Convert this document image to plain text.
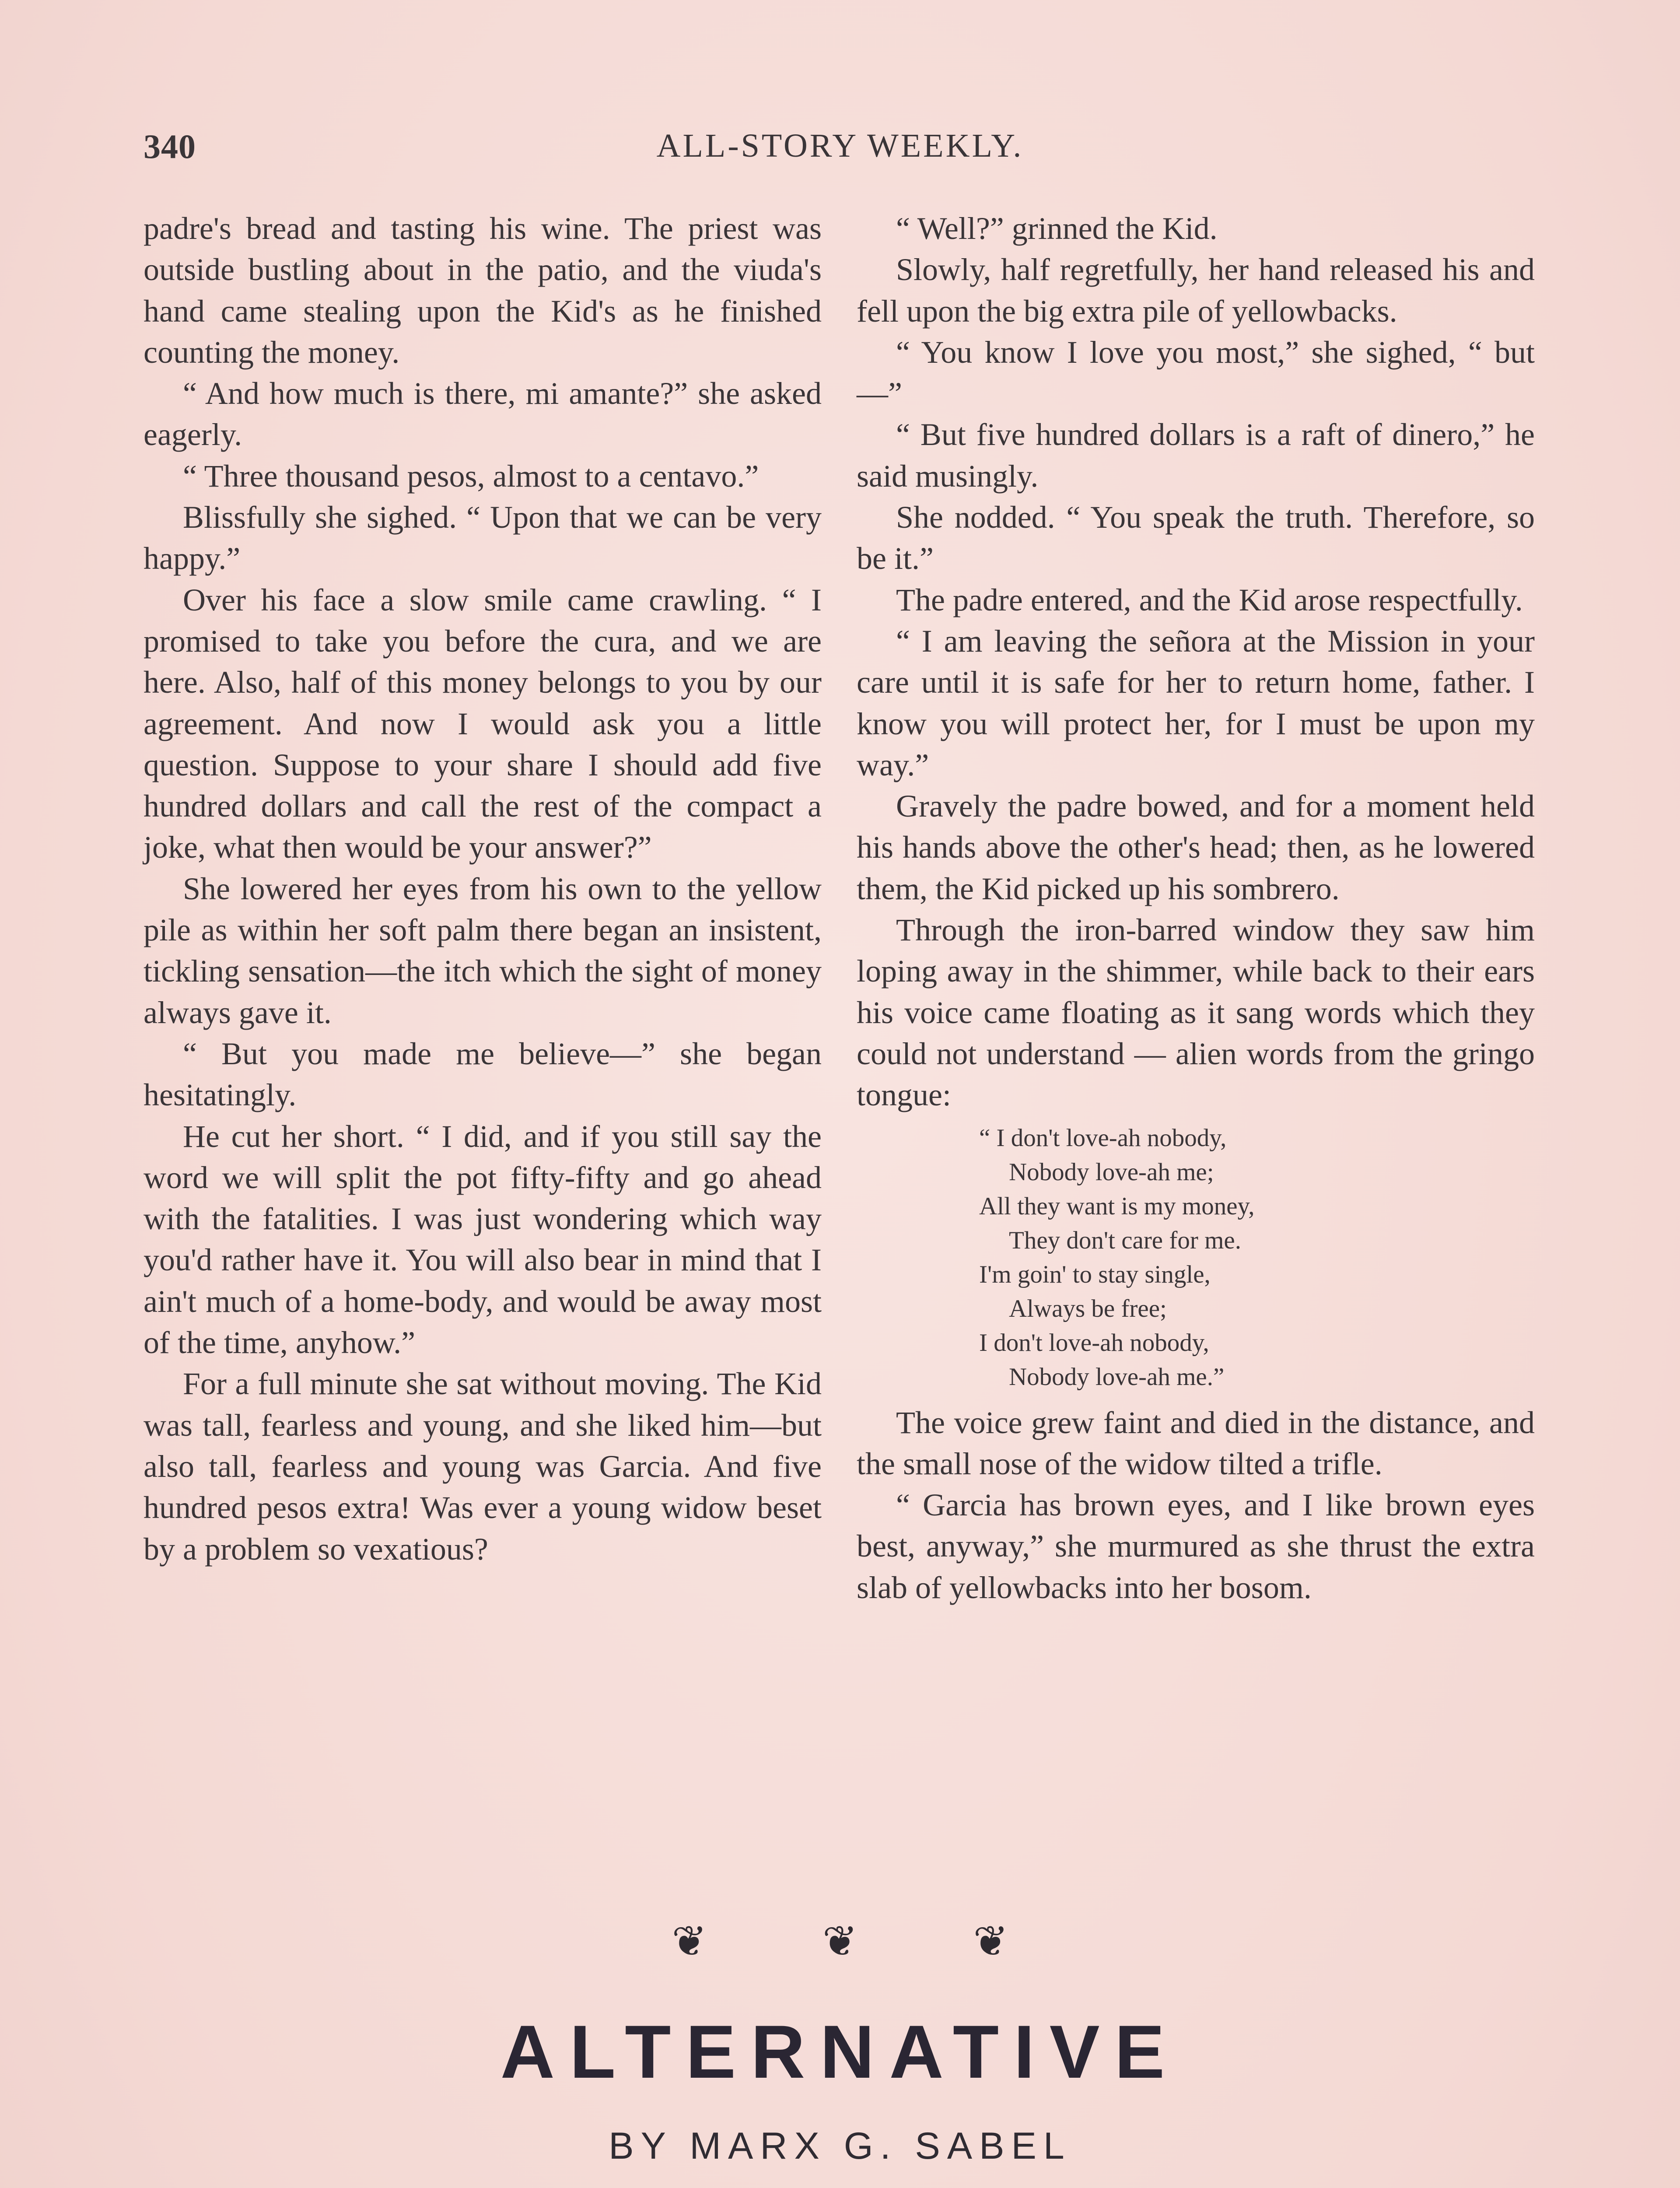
340	ALL-STORY WEEKLY.

padre's bread and tasting his wine. The priest was outside bustling about in the patio, and the viuda's hand came stealing upon the Kid's as he finished counting the money.

“ And how much is there, mi amante?” she asked eagerly.

“ Three thousand pesos, almost to a centavo.”

Blissfully she sighed. “ Upon that we can be very happy.”

Over his face a slow smile came crawling. “ I promised to take you before the cura, and we are here. Also, half of this money belongs to you by our agreement. And now I would ask you a little question. Suppose to your share I should add five hundred dollars and call the rest of the compact a joke, what then would be your answer?”

She lowered her eyes from his own to the yellow pile as within her soft palm there began an insistent, tickling sensation—the itch which the sight of money always gave it.

“ But you made me believe—” she began hesitatingly.

He cut her short. “ I did, and if you still say the word we will split the pot fifty-fifty and go ahead with the fatalities. I was just wondering which way you'd rather have it. You will also bear in mind that I ain't much of a home-body, and would be away most of the time, anyhow.”

For a full minute she sat without moving. The Kid was tall, fearless and young, and she liked him—but also tall, fearless and young was Garcia. And five hundred pesos extra! Was ever a young widow beset by a problem so vexatious?

“ Well?” grinned the Kid.

Slowly, half regretfully, her hand released his and fell upon the big extra pile of yellowbacks.

“ You know I love you most,” she sighed, “ but—”

“ But five hundred dollars is a raft of dinero,” he said musingly.

She nodded. “ You speak the truth. Therefore, so be it.”

The padre entered, and the Kid arose respectfully.

“ I am leaving the señora at the Mission in your care until it is safe for her to return home, father. I know you will protect her, for I must be upon my way.”

Gravely the padre bowed, and for a moment held his hands above the other's head; then, as he lowered them, the Kid picked up his sombrero.

Through the iron-barred window they saw him loping away in the shimmer, while back to their ears his voice came floating as it sang words which they could not understand — alien words from the gringo tongue:

“ I don't love-ah nobody,
Nobody love-ah me;
All they want is my money,
They don't care for me.
I'm goin' to stay single,
Always be free;
I don't love-ah nobody,
Nobody love-ah me.”

The voice grew faint and died in the distance, and the small nose of the widow tilted a trifle.

“ Garcia has brown eyes, and I like brown eyes best, anyway,” she murmured as she thrust the extra slab of yellowbacks into her bosom.

❦	❦	❦
ALTERNATIVE
BY MARX G. SABEL
